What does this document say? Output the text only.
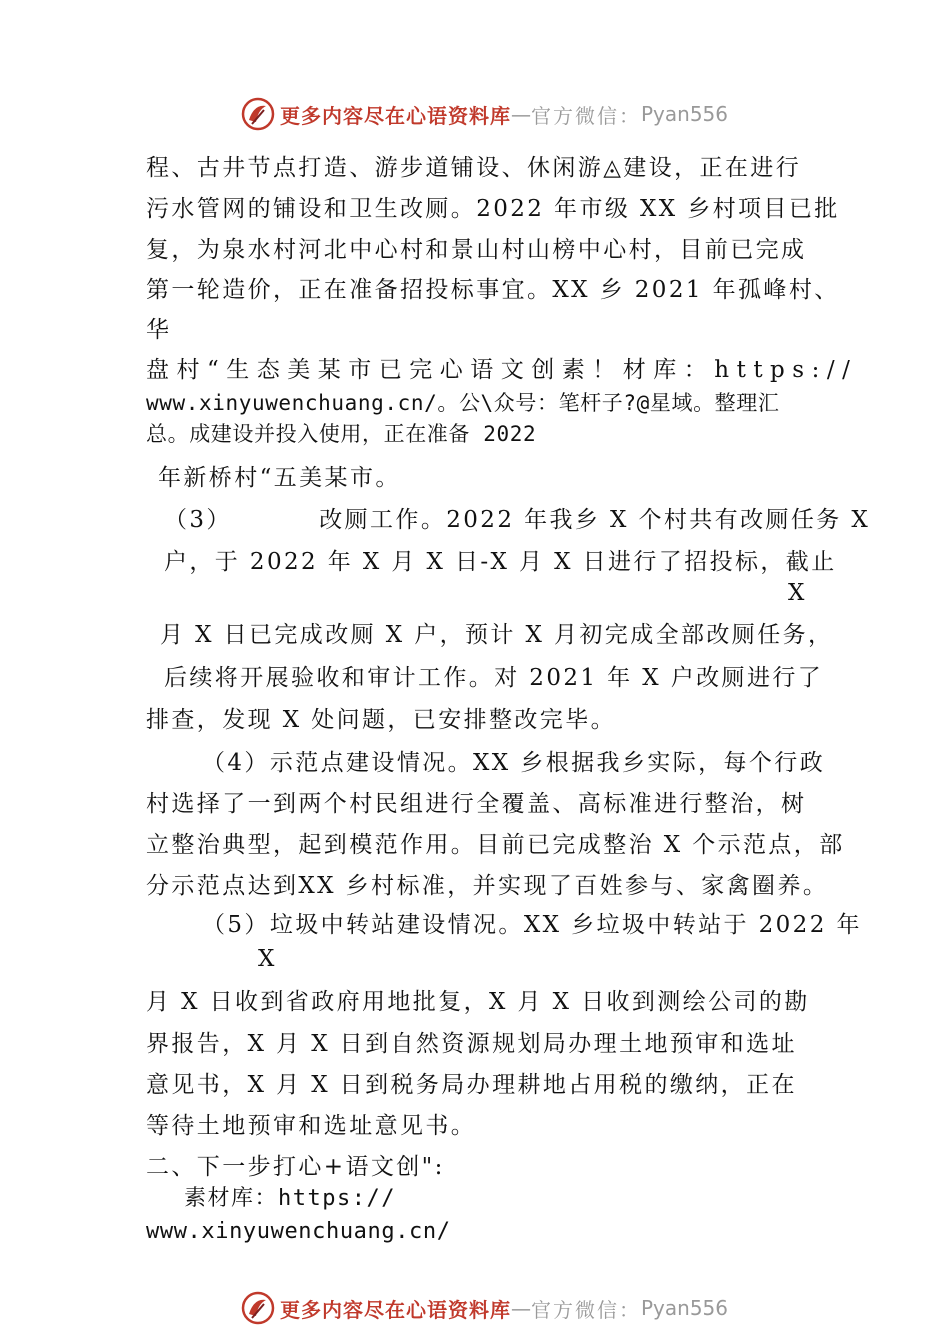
更多内容尽在心语资料库 — 官方微信： Pyan556
程、古井节点打造、游步道铺设、休闲游◬建设，正在进行
污水管网的铺设和卫生改厕。2022 年市级 XX 乡村项目已批
复，为泉水村河北中心村和景山村山榜中心村，目前已完成
第一轮造价，正在准备招投标事宜。XX 乡 2021 年孤峰村、
华
盘村“生态美某市已完心语文创素！材库：https://
www.xinyuwenchuang.cn/。公\众号：笔杆子?@星域。整理汇
总。成建设并投入使用，正在准备 2022
年新桥村“五美某市。
（3）         改厕工作。2022 年我乡 X 个村共有改厕任务 X
户，于 2022 年 X 月 X 日-X 月 X 日进行了招投标，截止
X
月 X 日已完成改厕 X 户，预计 X 月初完成全部改厕任务，
后续将开展验收和审计工作。对 2021 年 X 户改厕进行了
排查，发现 X 处问题，已安排整改完毕。
（4）示范点建设情况。XX 乡根据我乡实际，每个行政
村选择了一到两个村民组进行全覆盖、高标准进行整治，树
立整治典型，起到模范作用。目前已完成整治 X 个示范点，部
分示范点达到XX 乡村标准，并实现了百姓参与、家禽圈养。
（5）垃圾中转站建设情况。XX 乡垃圾中转站于 2022 年
X
月 X 日收到省政府用地批复，X 月 X 日收到测绘公司的勘
界报告，X 月 X 日到自然资源规划局办理土地预审和选址
意见书，X 月 X 日到税务局办理耕地占用税的缴纳，正在
等待土地预审和选址意见书。
二、下一步打心+语文创":
素材库：https://
www.xinyuwenchuang.cn/
更多内容尽在心语资料库 — 官方微信： Pyan556
